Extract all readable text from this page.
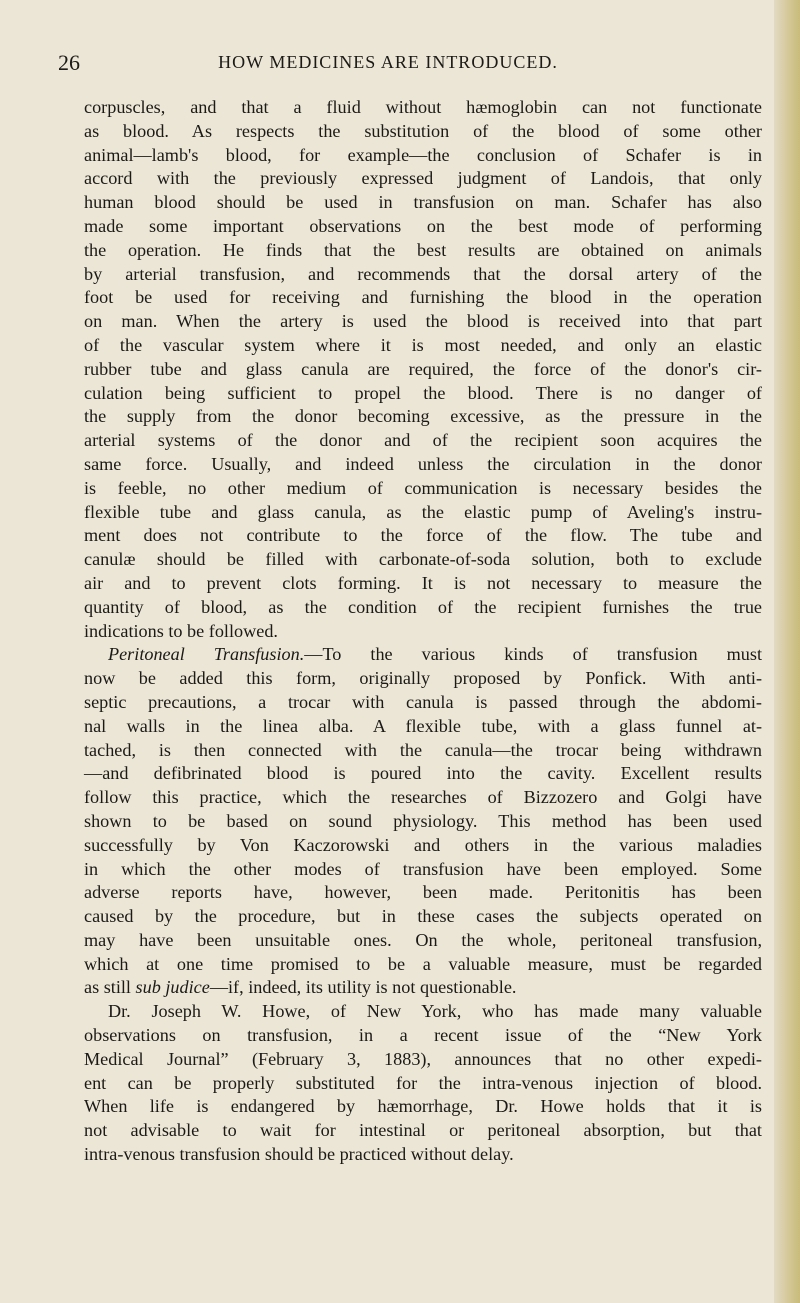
26	HOW MEDICINES ARE INTRODUCED.
corpuscles, and that a fluid without hæmoglobin can not functionate
as blood. As respects the substitution of the blood of some other
animal—lamb's blood, for example—the conclusion of Schafer is in
accord with the previously expressed judgment of Landois, that only
human blood should be used in transfusion on man. Schafer has also
made some important observations on the best mode of performing
the operation. He finds that the best results are obtained on animals
by arterial transfusion, and recommends that the dorsal artery of the
foot be used for receiving and furnishing the blood in the operation
on man. When the artery is used the blood is received into that part
of the vascular system where it is most needed, and only an elastic
rubber tube and glass canula are required, the force of the donor's cir-
culation being sufficient to propel the blood. There is no danger of
the supply from the donor becoming excessive, as the pressure in the
arterial systems of the donor and of the recipient soon acquires the
same force. Usually, and indeed unless the circulation in the donor
is feeble, no other medium of communication is necessary besides the
flexible tube and glass canula, as the elastic pump of Aveling's instru-
ment does not contribute to the force of the flow. The tube and
canulæ should be filled with carbonate-of-soda solution, both to exclude
air and to prevent clots forming. It is not necessary to measure the
quantity of blood, as the condition of the recipient furnishes the true
indications to be followed.
Peritoneal Transfusion.—To the various kinds of transfusion must
now be added this form, originally proposed by Ponfick. With anti-
septic precautions, a trocar with canula is passed through the abdomi-
nal walls in the linea alba. A flexible tube, with a glass funnel at-
tached, is then connected with the canula—the trocar being withdrawn
—and defibrinated blood is poured into the cavity. Excellent results
follow this practice, which the researches of Bizzozero and Golgi have
shown to be based on sound physiology. This method has been used
successfully by Von Kaczorowski and others in the various maladies
in which the other modes of transfusion have been employed. Some
adverse reports have, however, been made. Peritonitis has been
caused by the procedure, but in these cases the subjects operated on
may have been unsuitable ones. On the whole, peritoneal transfusion,
which at one time promised to be a valuable measure, must be regarded
as still sub judice—if, indeed, its utility is not questionable.
Dr. Joseph W. Howe, of New York, who has made many valuable
observations on transfusion, in a recent issue of the “New York
Medical Journal” (February 3, 1883), announces that no other expedi-
ent can be properly substituted for the intra-venous injection of blood.
When life is endangered by hæmorrhage, Dr. Howe holds that it is
not advisable to wait for intestinal or peritoneal absorption, but that
intra-venous transfusion should be practiced without delay.
